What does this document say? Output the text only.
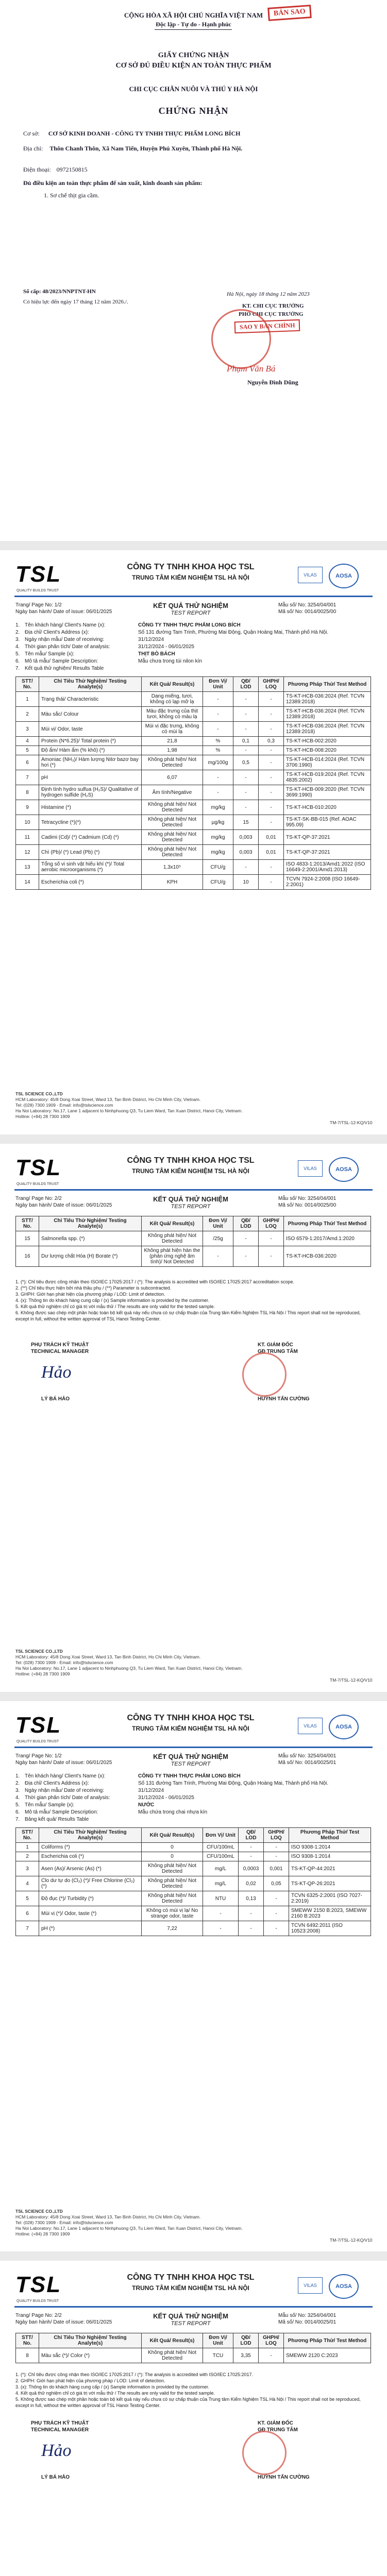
CỘNG HÒA XÃ HỘI CHỦ NGHĨA VIỆT NAM	BẢN SAO
Độc lập - Tự do - Hạnh phúc
GIẤY CHỨNG NHẬN
CƠ SỞ ĐỦ ĐIỀU KIỆN AN TOÀN THỰC PHẨM
CHI CỤC CHĂN NUÔI VÀ THÚ Y HÀ NỘI
CHỨNG NHẬN
Cơ sở: CƠ SỞ KINH DOANH - CÔNG TY TNHH THỰC PHẨM LONG BÍCH
Địa chỉ: Thôn Chanh Thôn, Xã Nam Tiến, Huyện Phú Xuyên, Thành phố Hà Nội.
Điện thoại: 0972150815
Đủ điều kiện an toàn thực phẩm để sản xuất, kinh doanh sản phẩm:
1. Sơ chế thịt gia cầm.
Số cấp: 48/2023/NNPTNT-HN
Có hiệu lực đến ngày 17 tháng 12 năm 2026./.
Hà Nội, ngày 18 tháng 12 năm 2023
KT. CHI CỤC TRƯỞNG
PHÓ CHI CỤC TRƯỞNG
SAO Y BẢN CHÍNH
Phạm Văn Bá
Nguyễn Đình Dũng
TSL
QUALITY BUILDS TRUST
CÔNG TY TNHH KHOA HỌC TSL
TRUNG TÂM KIỂM NGHIỆM TSL HÀ NỘI	VILAS	AOSA
Trang/ Page No: 1/2
Ngày ban hành/ Date of issue: 06/01/2025
KẾT QUẢ THỬ NGHIỆM
TEST REPORT
Mẫu số/ No: 3254/04/001
Mã số/ No: 0014/0025/00
1. Tên khách hàng/ Client's Name (x):	CÔNG TY TNHH THỰC PHẨM LONG BÍCH
2. Địa chỉ/ Client's Address (x):	Số 131 đường Tam Trinh, Phường Mai Động, Quận Hoàng Mai, Thành phố Hà Nội.
3. Ngày nhận mẫu/ Date of receiving:	31/12/2024
4. Thời gian phân tích/ Date of analysis:	31/12/2024 - 06/01/2025
5. Tên mẫu/ Sample (x):	THỊT BÒ BÁCH
6. Mô tả mẫu/ Sample Description:	Mẫu chưa trong túi nilon kín
7. Kết quả thử nghiệm/ Results Table
STT/ No.	Chỉ Tiêu Thử Nghiệm/ Testing Analyte(s)	Kết Quả/ Result(s)	Đơn Vị/ Unit	QĐ/ LOD	GHPH/ LOQ	Phương Pháp Thử/ Test Method
1	Trạng thái/ Characteristic	Dạng miếng, tươi, không có lạp mỡ lạ	-	-	-	TS-KT-HCB-036:2024 (Ref. TCVN 12389:2018)
2	Màu sắc/ Colour	Màu đặc trưng của thịt tươi, không có màu lạ	-	-	-	TS-KT-HCB-036:2024 (Ref. TCVN 12389:2018)
3	Mùi vị/ Odor, taste	Mùi vị đặc trưng, không có mùi lạ	-	-	-	TS-KT-HCB-036:2024 (Ref. TCVN 12389:2018)
4	Protein (N*6.25)/ Total protein (*)	21,8	%	0,1	0,3	TS-KT-HCB-002:2020
5	Độ ẩm/ Hàm ẩm (% khô) (*)	1,98	%	-	-	TS-KT-HCB-008:2020
6	Amoniac (NH₃)/ Hàm lượng Nitơ bazơ bay hơi (*)	Không phát hiện/ Not Detected	mg/100g	0,5	-	TS-KT-HCB-014:2024 (Ref. TCVN 3706:1990)
7	pH	6,07	-	-	-	TS-KT-HCB-019:2024 (Ref. TCVN 4835:2002)
8	Định tính hydro sulfua (H₂S)/ Qualitative of hydrogen sulfide (H₂S)	Âm tính/Negative	-	-	-	TS-KT-HCB-009:2020 (Ref. TCVN 3699:1990)
9	Histamine (*)	Không phát hiện/ Not Detected	mg/kg	-	-	TS-KT-HCB-010:2020
10	Tetracycline (*)(*)	Không phát hiện/ Not Detected	µg/kg	15	-	TS-KT-SK-BB-015 (Ref. AOAC 995.09)
11	Cadimi (Cd)/ (*) Cadmium (Cd) (*)	Không phát hiện/ Not Detected	mg/kg	0,003	0,01	TS-KT-QP-37:2021
12	Chì (Pb)/ (*) Lead (Pb) (*)	Không phát hiện/ Not Detected	mg/kg	0,003	0,01	TS-KT-QP-37:2021
13	Tổng số vi sinh vật hiếu khí (*)/ Total aerobic microorganisms (*)	1,3x10⁵	CFU/g	-	-	ISO 4833-1:2013/Amd1:2022 (ISO 16649-2:2001/Amd1:2013)
14	Escherichia coli (*)	KPH	CFU/g	10	-	TCVN 7924-2:2008 (ISO 16649-2:2001)
TSL SCIENCE CO.,LTD
HCM Laboratory: 45/8 Dong Xoai Street, Ward 13, Tan Binh District, Ho Chi Minh City, Vietnam.
Tel: (028) 7300 1909 - Email: info@tslscience.com
Ha Noi Laboratory: No.17, Lane 1 adjacent to Ninhphuong Q3, Tu Liem Ward, Tan Xuan District, Hanoi City, Vietnam.
Hotline: (+84) 28 7300 1909
TM-7/TSL-12-KQ/V10
TSL
QUALITY BUILDS TRUST
CÔNG TY TNHH KHOA HỌC TSL
TRUNG TÂM KIỂM NGHIỆM TSL HÀ NỘI	VILAS	AOSA
Trang/ Page No: 2/2
Ngày ban hành/ Date of issue: 06/01/2025
KẾT QUẢ THỬ NGHIỆM
TEST REPORT
Mẫu số/ No: 3254/04/001
Mã số/ No: 0014/0025/00
STT/ No.	Chỉ Tiêu Thử Nghiệm/ Testing Analyte(s)	Kết Quả/ Result(s)	Đơn Vị/ Unit	QĐ/ LOD	GHPH/ LOQ	Phương Pháp Thử/ Test Method
15	Salmonella spp. (*)	Không phát hiện/ Not Detected	/25g	-	-	ISO 6579-1:2017/Amd.1:2020
16	Dư lượng chất Hóa (H) Borate (*)	Không phát hiện hàn the (phản ứng nghệ âm tính)/ Not Detected	-	-	-	TS-KT-HCB-036:2020
1. (*): Chỉ tiêu được công nhận theo ISO/IEC 17025:2017 / (*): The analysis is accredited with ISO/IEC 17025:2017 accreditation scope.
2. (**) Chỉ tiêu thực hiện bởi nhà thầu phụ / (**) Parameter is subcontracted.
3. GHPH: Giới hạn phát hiện của phương pháp / LOD: Limit of detection.
4. (x): Thông tin do khách hàng cung cấp / (x) Sample information is provided by the customer.
5. Kết quả thử nghiệm chỉ có giá trị với mẫu thử / The results are only valid for the tested sample.
6. Không được sao chép một phần hoặc toàn bộ kết quả này nếu chưa có sự chấp thuận của Trung tâm Kiểm Nghiệm TSL Hà Nội / This report shall not be reproduced, except in full, without the written approval of TSL Hanoi Testing Center.
PHỤ TRÁCH KỸ THUẬT
TECHNICAL MANAGER
Hảo
LÝ BÁ HẢO
KT. GIÁM ĐỐC
GĐ TRUNG TÂM
HUỲNH TẤN CƯỜNG
TSL SCIENCE CO.,LTD
HCM Laboratory: 45/8 Dong Xoai Street, Ward 13, Tan Binh District, Ho Chi Minh City, Vietnam.
Tel: (028) 7300 1909 - Email: info@tslscience.com
Ha Noi Laboratory: No.17, Lane 1 adjacent to Ninhphuong Q3, Tu Liem Ward, Tan Xuan District, Hanoi City, Vietnam.
Hotline: (+84) 28 7300 1909
TM-7/TSL-12-KQ/V10
TSL
QUALITY BUILDS TRUST
CÔNG TY TNHH KHOA HỌC TSL
TRUNG TÂM KIỂM NGHIỆM TSL HÀ NỘI	VILAS	AOSA
Trang/ Page No: 1/2
Ngày ban hành/ Date of issue: 06/01/2025
KẾT QUẢ THỬ NGHIỆM
TEST REPORT
Mẫu số/ No: 3254/04/001
Mã số/ No: 0014/0025/01
1. Tên khách hàng/ Client's Name (x):	CÔNG TY TNHH THỰC PHẨM LONG BÍCH
2. Địa chỉ/ Client's Address (x):	Số 131 đường Tam Trinh, Phường Mai Động, Quận Hoàng Mai, Thành phố Hà Nội.
3. Ngày nhận mẫu/ Date of receiving:	31/12/2024
4. Thời gian phân tích/ Date of analysis:	31/12/2024 - 06/01/2025
5. Tên mẫu/ Sample (x):	NƯỚC
6. Mô tả mẫu/ Sample Description:	Mẫu chứa trong chai nhựa kín
7. Bảng kết quả/ Results Table
STT/ No.	Chỉ Tiêu Thử Nghiệm/ Testing Analyte(s)	Kết Quả/ Result(s)	Đơn Vị/ Unit	QĐ/ LOD	GHPH/ LOQ	Phương Pháp Thử/ Test Method
1	Coliforms (*)	0	CFU/100mL	-	-	ISO 9308-1:2014
2	Escherichia coli (*)	0	CFU/100mL	-	-	ISO 9308-1:2014
3	Asen (As)/ Arsenic (As) (*)	Không phát hiện/ Not Detected	mg/L	0,0003	0,001	TS-KT-QP-44:2021
4	Clo dư tự do (Cl₂) (*)/ Free Chlorine (Cl₂) (*)	Không phát hiện/ Not Detected	mg/L	0,02	0,05	TS-KT-QP-26:2021
5	Độ đục (*)/ Turbidity (*)	Không phát hiện/ Not Detected	NTU	0,13	-	TCVN 6325-2:2001 (ISO 7027-2:2019)
6	Mùi vị (*)/ Odor, taste (*)	Không có mùi vị lạ/ No strange odor, taste	-	-	-	SMEWW 2150 B:2023, SMEWW 2160 B:2023
7	pH (*)	7,22	-	-	-	TCVN 6492:2011 (ISO 10523:2008)
TSL SCIENCE CO.,LTD
HCM Laboratory: 45/8 Dong Xoai Street, Ward 13, Tan Binh District, Ho Chi Minh City, Vietnam.
Tel: (028) 7300 1909 - Email: info@tslscience.com
Ha Noi Laboratory: No.17, Lane 1 adjacent to Ninhphuong Q3, Tu Liem Ward, Tan Xuan District, Hanoi City, Vietnam.
Hotline: (+84) 28 7300 1909
TM-7/TSL-12-KQ/V10
TSL
QUALITY BUILDS TRUST
CÔNG TY TNHH KHOA HỌC TSL
TRUNG TÂM KIỂM NGHIỆM TSL HÀ NỘI	VILAS	AOSA
Trang/ Page No: 2/2
Ngày ban hành/ Date of issue: 06/01/2025
KẾT QUẢ THỬ NGHIỆM
TEST REPORT
Mẫu số/ No: 3254/04/001
Mã số/ No: 0014/0025/01
STT/ No.	Chỉ Tiêu Thử Nghiệm/ Testing Analyte(s)	Kết Quả/ Result(s)	Đơn Vị/ Unit	QĐ/ LOD	GHPH/ LOQ	Phương Pháp Thử/ Test Method
8	Màu sắc (*)/ Color (*)	Không phát hiện/ Not Detected	TCU	3,35	-	SMEWW 2120 C:2023
1. (*): Chỉ tiêu được công nhận theo ISO/IEC 17025:2017 / (*): The analysis is accredited with ISO/IEC 17025:2017.
2. GHPH: Giới hạn phát hiện của phương pháp / LOD: Limit of detection.
3. (x): Thông tin do khách hàng cung cấp / (x) Sample information is provided by the customer.
4. Kết quả thử nghiệm chỉ có giá trị với mẫu thử / The results are only valid for the tested sample.
5. Không được sao chép một phần hoặc toàn bộ kết quả này nếu chưa có sự chấp thuận của Trung tâm Kiểm Nghiệm TSL Hà Nội / This report shall not be reproduced, except in full, without the written approval of TSL Hanoi Testing Center.
PHỤ TRÁCH KỸ THUẬT
TECHNICAL MANAGER
Hảo
LÝ BÁ HẢO
KT. GIÁM ĐỐC
GĐ TRUNG TÂM
HUỲNH TẤN CƯỜNG
